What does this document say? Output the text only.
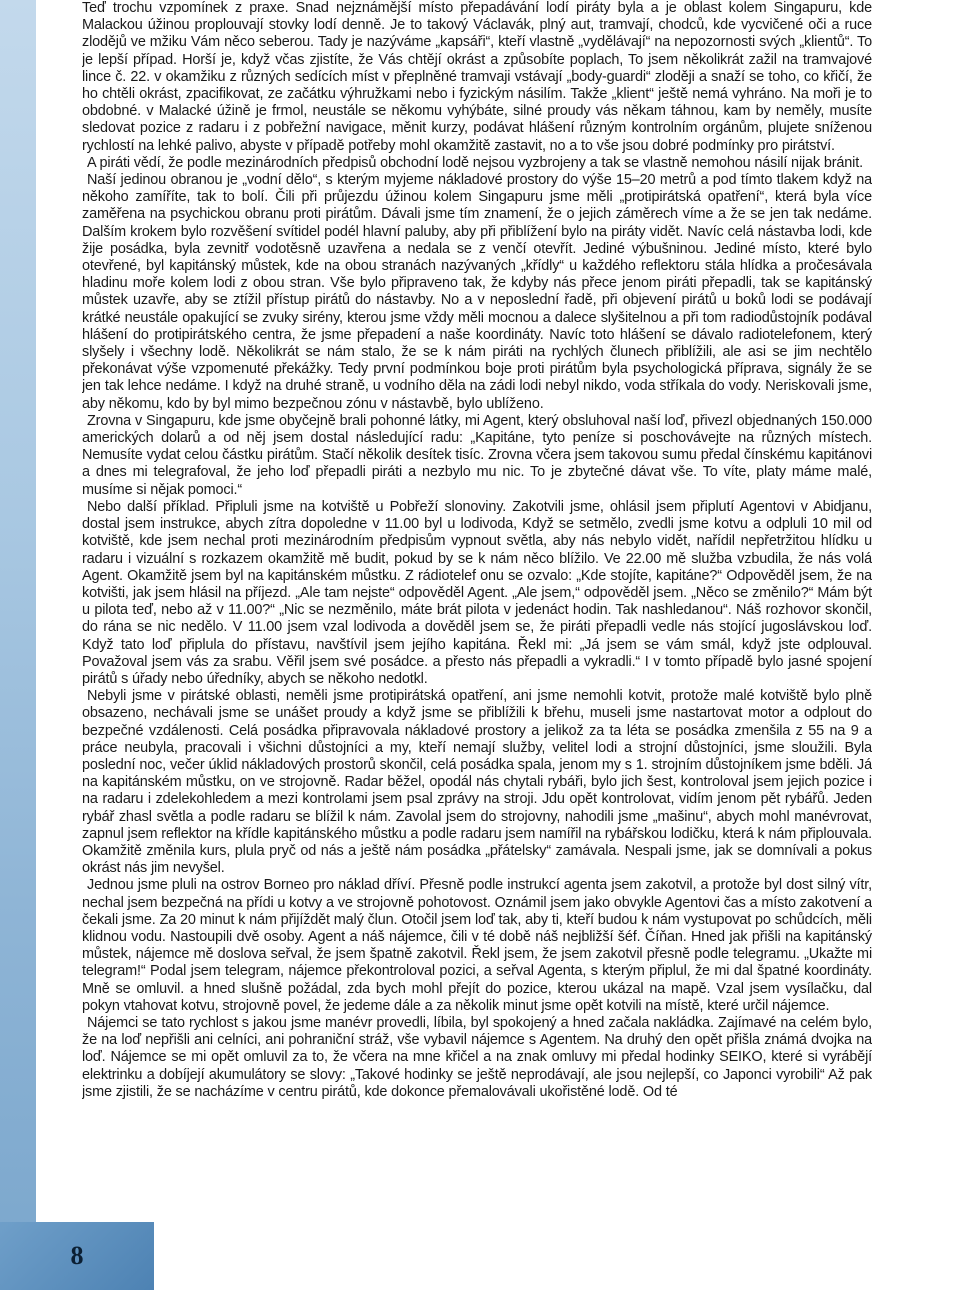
Teď trochu vzpomínek z praxe. Snad nejznámější místo přepadávání lodí piráty byla a je oblast kolem Singapuru, kde Malackou úžinou proplouvají stovky lodí denně. Je to takový Václavák, plný aut, tramvají, chodců, kde vycvičené oči a ruce zlodějů ve mžiku Vám něco seberou. Tady je nazýváme „kapsáři“, kteří vlastně „vydělávají“ na nepozornosti svých „klientů“. To je lepší případ. Horší je, když včas zjistíte, že Vás chtějí okrást a způsobíte poplach, To jsem několikrát zažil na tramvajové lince č. 22. v okamžiku z různých sedících míst v přeplněné tramvaji vstávají „body-guardi“ zloději a snaží se toho, co křičí, že ho chtěli okrást, zpacifikovat, ze začátku výhružkami nebo i fyzickým násilím. Takže „klient“ ještě nemá vyhráno. Na moři je to obdobné. v Malacké úžině je frmol, neustále se někomu vyhýbáte, silné proudy vás někam táhnou, kam by neměly, musíte sledovat pozice z radaru i z pobřežní navigace, měnit kurzy, podávat hlášení různým kontrolním orgánům, plujete sníženou rychlostí na lehké palivo, abyste v případě potřeby mohl okamžitě zastavit, no a to vše jsou dobré podmínky pro pirátství.

A piráti vědí, že podle mezinárodních předpisů obchodní lodě nejsou vyzbrojeny a tak se vlastně nemohou násilí nijak bránit.

Naší jedinou obranou je „vodní dělo“, s kterým myjeme nákladové prostory do výše 15–20 metrů a pod tímto tlakem když na někoho zamíříte, tak to bolí. Čili při průjezdu úžinou kolem Singapuru jsme měli „protipirátská opatření“, která byla více zaměřena na psychickou obranu proti pirátům. Dávali jsme tím znamení, že o jejich záměrech víme a že se jen tak nedáme. Dalším krokem bylo rozvěšení svítidel podél hlavní paluby, aby při přiblížení bylo na piráty vidět. Navíc celá nástavba lodi, kde žije posádka, byla zevnitř vodotěsně uzavřena a nedala se z venčí otevřít. Jediné výbušninou. Jediné místo, které bylo otevřené, byl kapitánský můstek, kde na obou stranách nazývaných „křídly“ u každého reflektoru stála hlídka a pročesávala hladinu moře kolem lodi z obou stran. Vše bylo připraveno tak, že kdyby nás přece jenom piráti přepadli, tak se kapitánský můstek uzavře, aby se ztížil přístup pirátů do nástavby. No a v neposlední řadě, při objevení pirátů u boků lodi se podávají krátké neustále opakující se zvuky sirény, kterou jsme vždy měli mocnou a dalece slyšitelnou a při tom radiodůstojník podával hlášení do protipirátského centra, že jsme přepadení a naše koordináty. Navíc toto hlášení se dávalo radiotelefonem, který slyšely i všechny lodě. Několikrát se nám stalo, že se k nám piráti na rychlých člunech přiblížili, ale asi se jim nechtělo překonávat výše vzpomenuté překážky. Tedy první podmínkou boje proti pirátům byla psychologická příprava, signály že se jen tak lehce nedáme. I když na druhé straně, u vodního děla na zádi lodi nebyl nikdo, voda stříkala do vody. Neriskovali jsme, aby někomu, kdo by byl mimo bezpečnou zónu v nástavbě, bylo ublíženo.

Zrovna v Singapuru, kde jsme obyčejně brali pohonné látky, mi Agent, který obsluhoval naší loď, přivezl objednaných 150.000 amerických dolarů a od něj jsem dostal následující radu: „Kapitáne, tyto peníze si poschovávejte na různých místech. Nemusíte vydat celou částku pirátům. Stačí několik desítek tisíc. Zrovna včera jsem takovou sumu předal čínskému kapitánovi a dnes mi telegrafoval, že jeho loď přepadli piráti a nezbylo mu nic. To je zbytečné dávat vše. To víte, platy máme malé, musíme si nějak pomoci.“

Nebo další příklad. Připluli jsme na kotviště u Pobřeží slonoviny. Zakotvili jsme, ohlásil jsem připlutí Agentovi v Abidjanu, dostal jsem instrukce, abych zítra dopoledne v 11.00 byl u lodivoda, Když se setmělo, zvedli jsme kotvu a odpluli 10 mil od kotviště, kde jsem nechal proti mezinárodním předpisům vypnout světla, aby nás nebylo vidět, nařídil nepřetržitou hlídku u radaru i vizuální s rozkazem okamžitě mě budit, pokud by se k nám něco blížilo. Ve 22.00 mě služba vzbudila, že nás volá Agent. Okamžitě jsem byl na kapitánském můstku. Z rádiotelef onu se ozvalo: „Kde stojíte, kapitáne?“ Odpověděl jsem, že na kotvišti, jak jsem hlásil na příjezd. „Ale tam nejste“ odpověděl Agent. „Ale jsem,“ odpověděl jsem. „Něco se změnilo?“ Mám být u pilota teď, nebo až v 11.00?“ „Nic se nezměnilo, máte brát pilota v jedenáct hodin. Tak nashledanou“. Náš rozhovor skončil, do rána se nic nedělo. V 11.00 jsem vzal lodivoda a dověděl jsem se, že piráti přepadli vedle nás stojící jugoslávskou loď. Když tato loď připlula do přístavu, navštívil jsem jejího kapitána. Řekl mi: „Já jsem se vám smál, když jste odplouval. Považoval jsem vás za srabu. Věřil jsem své posádce. a přesto nás přepadli a vykradli.“ I v tomto případě bylo jasné spojení pirátů s úřady nebo úředníky, abych se někoho nedotkl.

Nebyli jsme v pirátské oblasti, neměli jsme protipirátská opatření, ani jsme nemohli kotvit, protože malé kotviště bylo plně obsazeno, nechávali jsme se unášet proudy a když jsme se přiblížili k břehu, museli jsme nastartovat motor a odplout do bezpečné vzdálenosti. Celá posádka připravovala nákladové prostory a jelikož za ta léta se posádka zmenšila z 55 na 9 a práce neubyla, pracovali i všichni důstojníci a my, kteří nemají služby, velitel lodi a strojní důstojníci, jsme sloužili. Byla poslední noc, večer úklid nákladových prostorů skončil, celá posádka spala, jenom my s 1. strojním důstojníkem jsme bděli. Já na kapitánském můstku, on ve strojovně. Radar běžel, opodál nás chytali rybáři, bylo jich šest, kontroloval jsem jejich pozice i na radaru i zdelekohledem a mezi kontrolami jsem psal zprávy na stroji. Jdu opět kontrolovat, vidím jenom pět rybářů. Jeden rybář zhasl světla a podle radaru se blížil k nám. Zavolal jsem do strojovny, nahodili jsme „mašinu“, abych mohl manévrovat, zapnul jsem reflektor na křídle kapitánského můstku a podle radaru jsem namířil na rybářskou lodičku, která k nám připlouvala. Okamžitě změnila kurs, plula pryč od nás a ještě nám posádka „přátelsky“ zamávala. Nespali jsme, jak se domnívali a pokus okrást nás jim nevyšel.

Jednou jsme pluli na ostrov Borneo pro náklad dříví. Přesně podle instrukcí agenta jsem zakotvil, a protože byl dost silný vítr, nechal jsem bezpečná na přídi u kotvy a ve strojovně pohotovost. Oznámil jsem jako obvykle Agentovi čas a místo zakotvení a čekali jsme. Za 20 minut k nám přijíždět malý člun. Otočil jsem loď tak, aby ti, kteří budou k nám vystupovat po schůdcích, měli klidnou vodu. Nastoupili dvě osoby. Agent a náš nájemce, čili v té době náš nejbližší šéf. Číňan. Hned jak přišli na kapitánský můstek, nájemce mě doslova seřval, že jsem špatně zakotvil. Řekl jsem, že jsem zakotvil přesně podle telegramu. „Ukažte mi telegram!“ Podal jsem telegram, nájemce překontroloval pozici, a seřval Agenta, s kterým připlul, že mi dal špatné koordináty. Mně se omluvil. a hned slušně požádal, zda bych mohl přejít do pozice, kterou ukázal na mapě. Vzal jsem vysílačku, dal pokyn vtahovat kotvu, strojovně povel, že jedeme dále a za několik minut jsme opět kotvili na místě, které určil nájemce.

Nájemci se tato rychlost s jakou jsme manévr provedli, líbila, byl spokojený a hned začala nakládka. Zajímavé na celém bylo, že na loď nepřišli ani celníci, ani pohraniční stráž, vše vybavil nájemce s Agentem. Na druhý den opět přišla známá dvojka na loď. Nájemce se mi opět omluvil za to, že včera na mne křičel a na znak omluvy mi předal hodinky SEIKO, které si vyrábějí elektrinku a dobíjejí akumulátory se slovy: „Takové hodinky se ještě neprodávají, ale jsou nejlepší, co Japonci vyrobili“ Až pak jsme zjistili, že se nacházíme v centru pirátů, kde dokonce přemalovávali ukořistěné lodě. Od té

8
